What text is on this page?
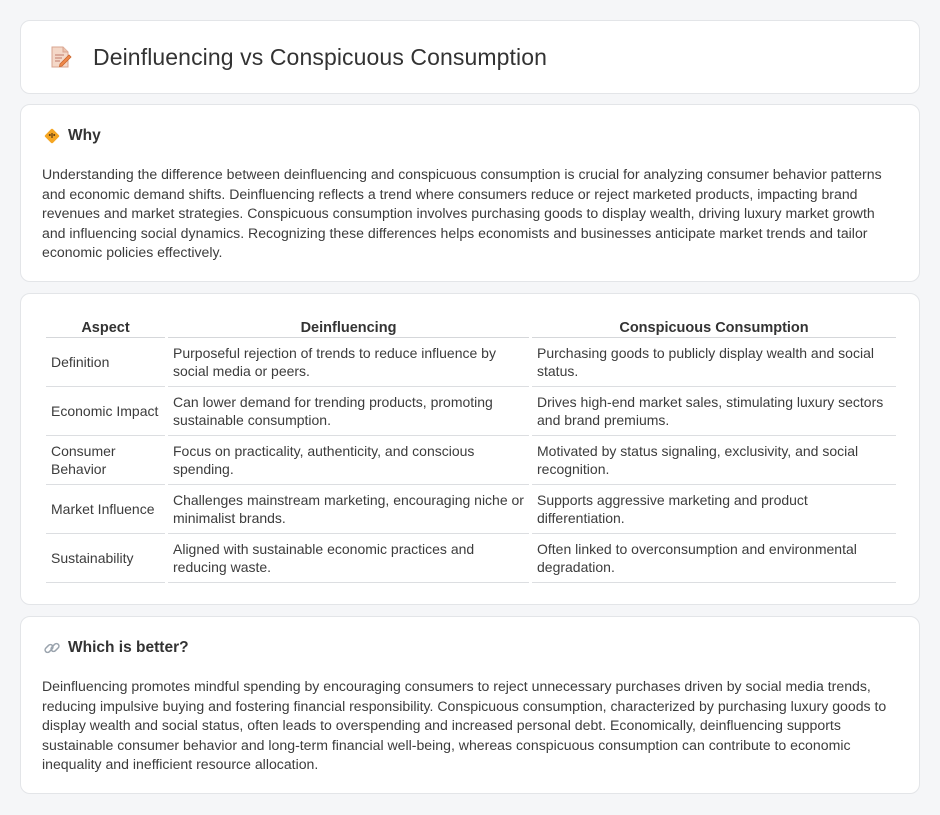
Deinfluencing vs Conspicuous Consumption
Why

Understanding the difference between deinfluencing and conspicuous consumption is crucial for analyzing consumer behavior patterns and economic demand shifts. Deinfluencing reflects a trend where consumers reduce or reject marketed products, impacting brand revenues and market strategies. Conspicuous consumption involves purchasing goods to display wealth, driving luxury market growth and influencing social dynamics. Recognizing these differences helps economists and businesses anticipate market trends and tailor economic policies effectively.

Aspect	Deinfluencing	Conspicuous Consumption
Definition	Purposeful rejection of trends to reduce influence by social media or peers.	Purchasing goods to publicly display wealth and social status.
Economic Impact	Can lower demand for trending products, promoting sustainable consumption.	Drives high-end market sales, stimulating luxury sectors and brand premiums.
Consumer Behavior	Focus on practicality, authenticity, and conscious spending.	Motivated by status signaling, exclusivity, and social recognition.
Market Influence	Challenges mainstream marketing, encouraging niche or minimalist brands.	Supports aggressive marketing and product differentiation.
Sustainability	Aligned with sustainable economic practices and reducing waste.	Often linked to overconsumption and environmental degradation.
Which is better?

Deinfluencing promotes mindful spending by encouraging consumers to reject unnecessary purchases driven by social media trends, reducing impulsive buying and fostering financial responsibility. Conspicuous consumption, characterized by purchasing luxury goods to display wealth and social status, often leads to overspending and increased personal debt. Economically, deinfluencing supports sustainable consumer behavior and long-term financial well-being, whereas conspicuous consumption can contribute to economic inequality and inefficient resource allocation.
